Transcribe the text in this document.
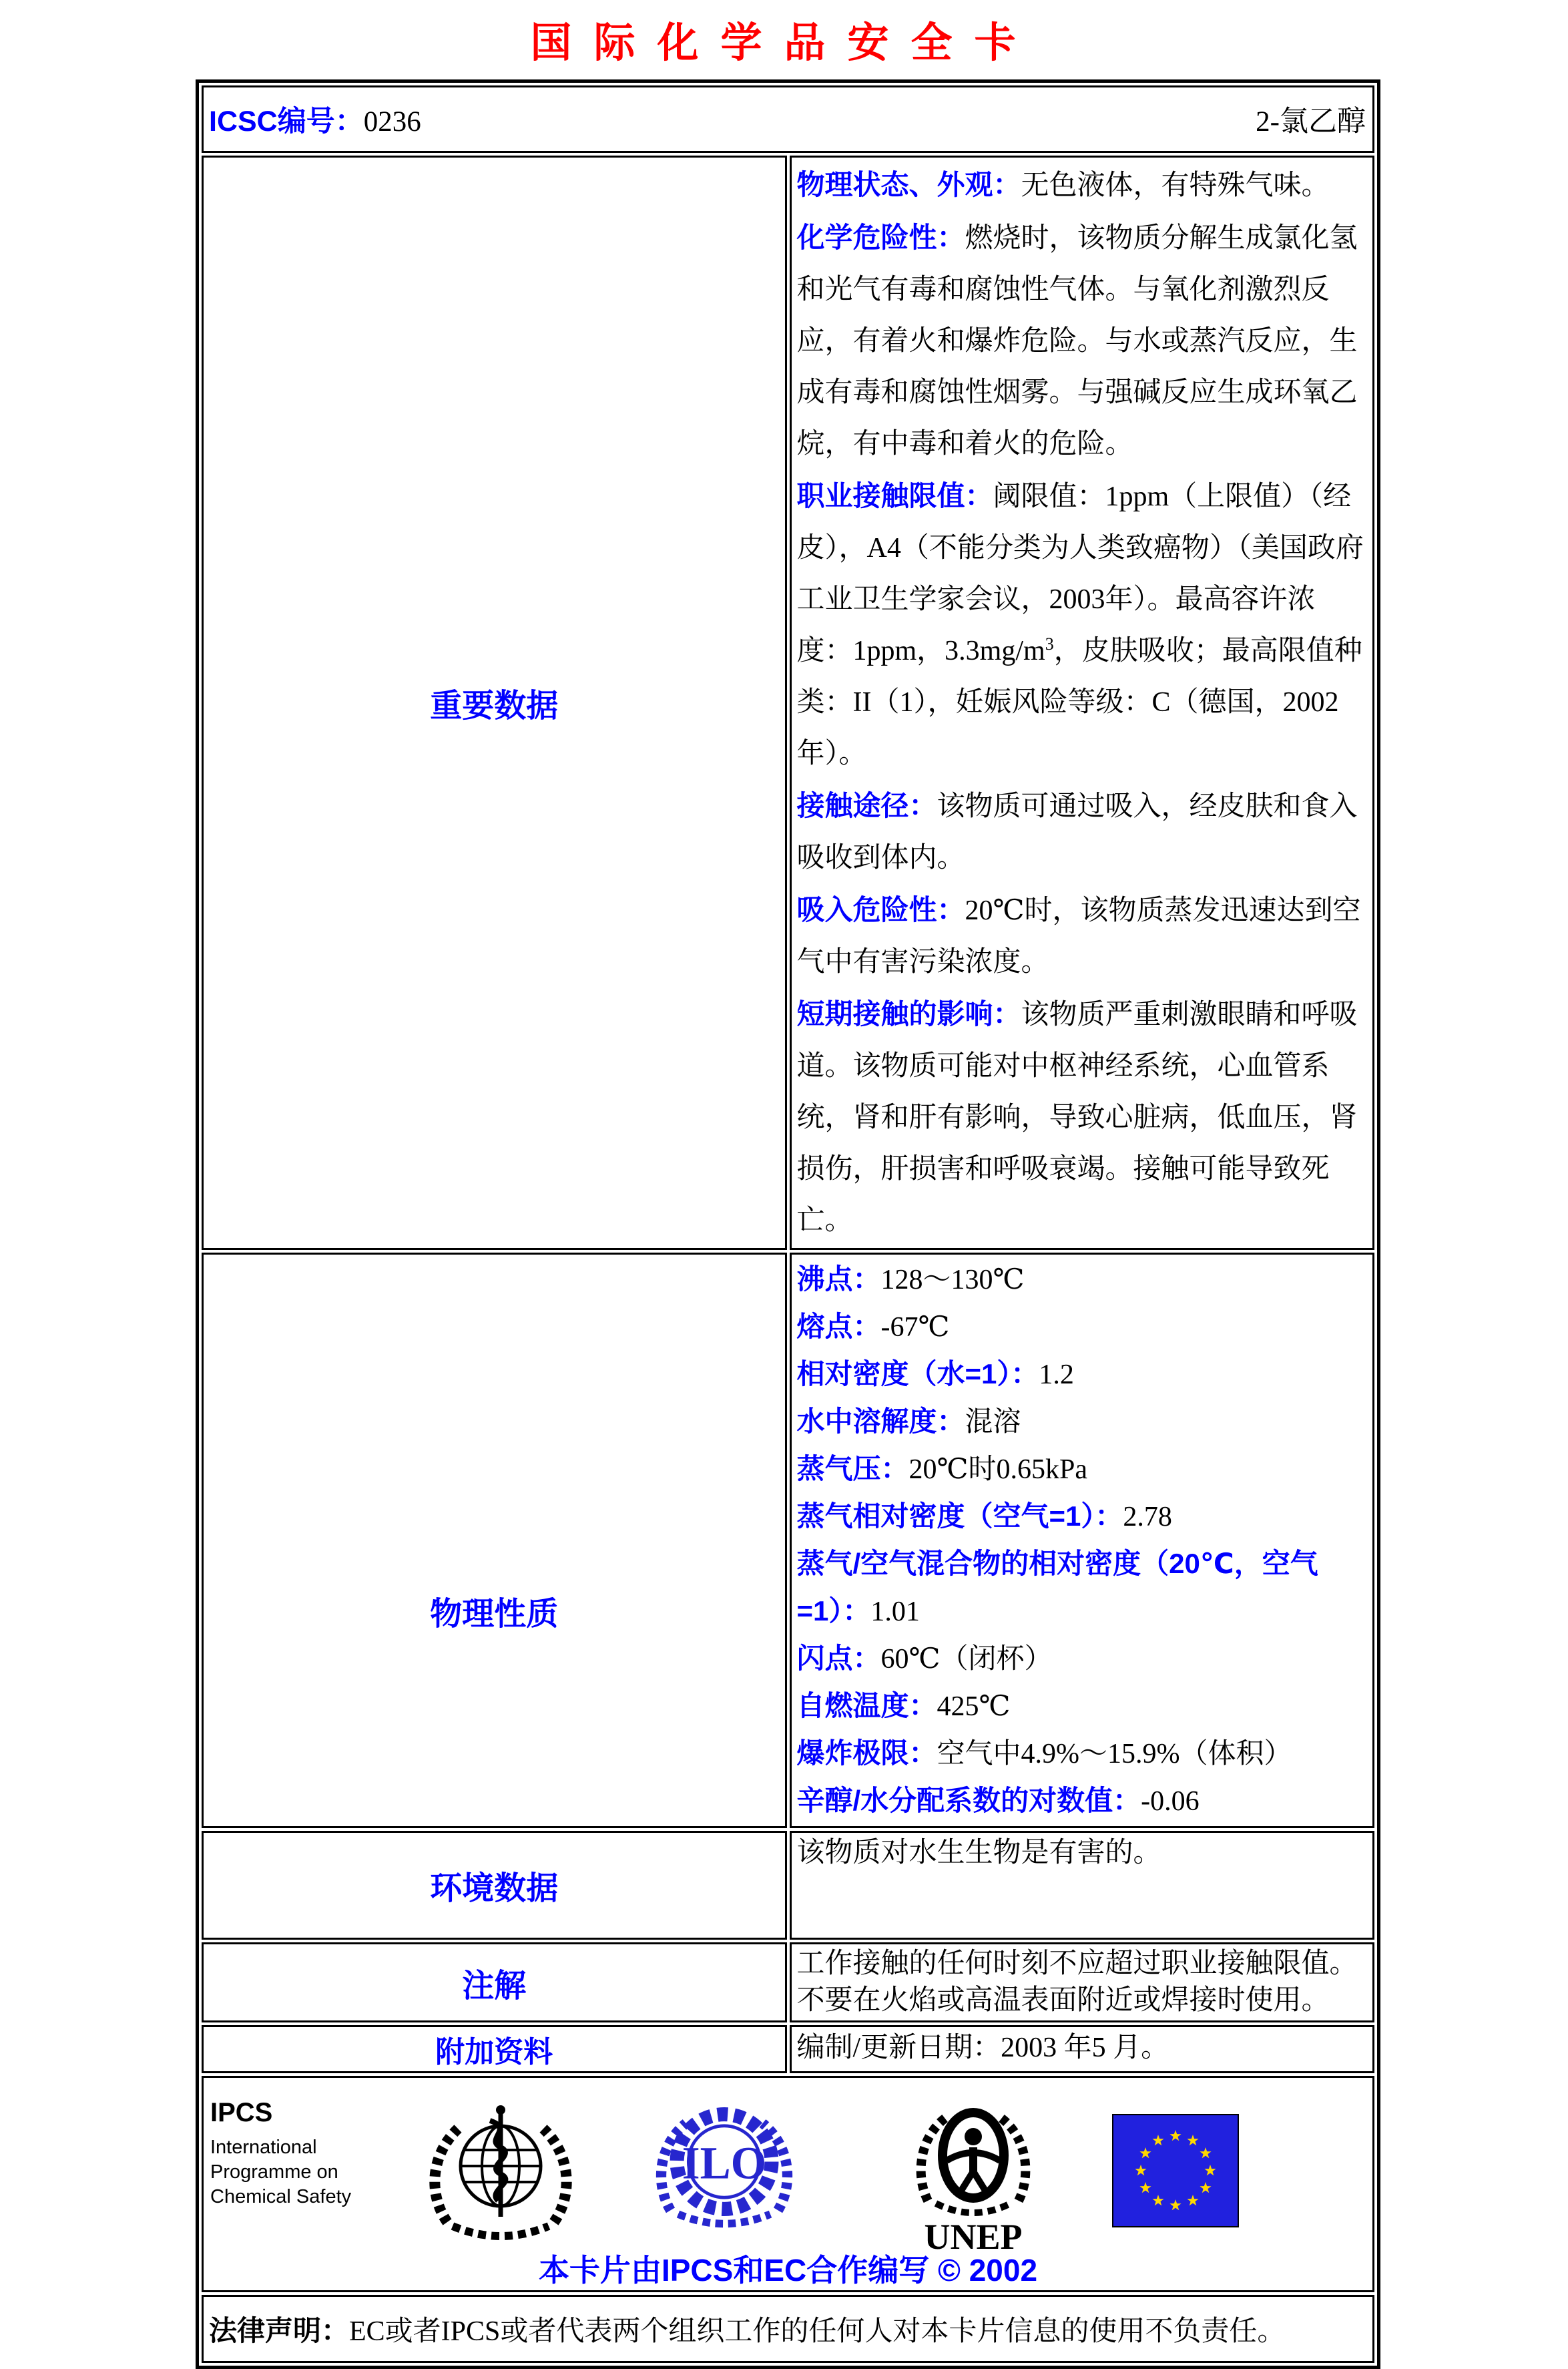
国际化学品安全卡
ICSC编号：0236 2-氯乙醇	

重要数据	

物理状态、外观：无色液体，有特殊气味。

化学危险性：燃烧时，该物质分解生成氯化氢和光气有毒和腐蚀性气体。与氧化剂激烈反应，有着火和爆炸危险。与水或蒸汽反应，生成有毒和腐蚀性烟雾。与强碱反应生成环氧乙烷，有中毒和着火的危险。

职业接触限值：阈限值：1ppm（上限值）（经皮），A4（不能分类为人类致癌物）（美国政府工业卫生学家会议，2003年）。最高容许浓度：1ppm，$3.3mg/m^3$，皮肤吸收；最高限值种类：II（1），妊娠风险等级：C（德国，2002年）。

接触途径：该物质可通过吸入，经皮肤和食入吸收到体内。

吸入危险性：20℃时，该物质蒸发迅速达到空气中有害污染浓度。

短期接触的影响：该物质严重刺激眼睛和呼吸道。该物质可能对中枢神经系统，心血管系统，肾和肝有影响，导致心脏病，低血压，肾损伤，肝损害和呼吸衰竭。接触可能导致死亡。

物理性质	

沸点：128～130℃

熔点：-67℃

相对密度（水=1）：1.2

水中溶解度：混溶

蒸气压：20℃时0.65kPa

蒸气相对密度（空气=1）：2.78

蒸气/空气混合物的相对密度（20℃，空气=1）：1.01

闪点：60℃（闭杯）

自燃温度：425℃

爆炸极限：空气中4.9%～15.9%（体积）

辛醇/水分配系数的对数值：-0.06

环境数据	该物质对水生生物是有害的。

注解	工作接触的任何时刻不应超过职业接触限值。不要在火焰或高温表面附近或焊接时使用。

附加资料	编制/更新日期：2003 年5 月。

IPCS
International
Programme on
Chemical Safety
ILO
UNEP
本卡片由IPCS和EC合作编写 © 2002

法律声明：EC或者IPCS或者代表两个组织工作的任何人对本卡片信息的使用不负责任。	
